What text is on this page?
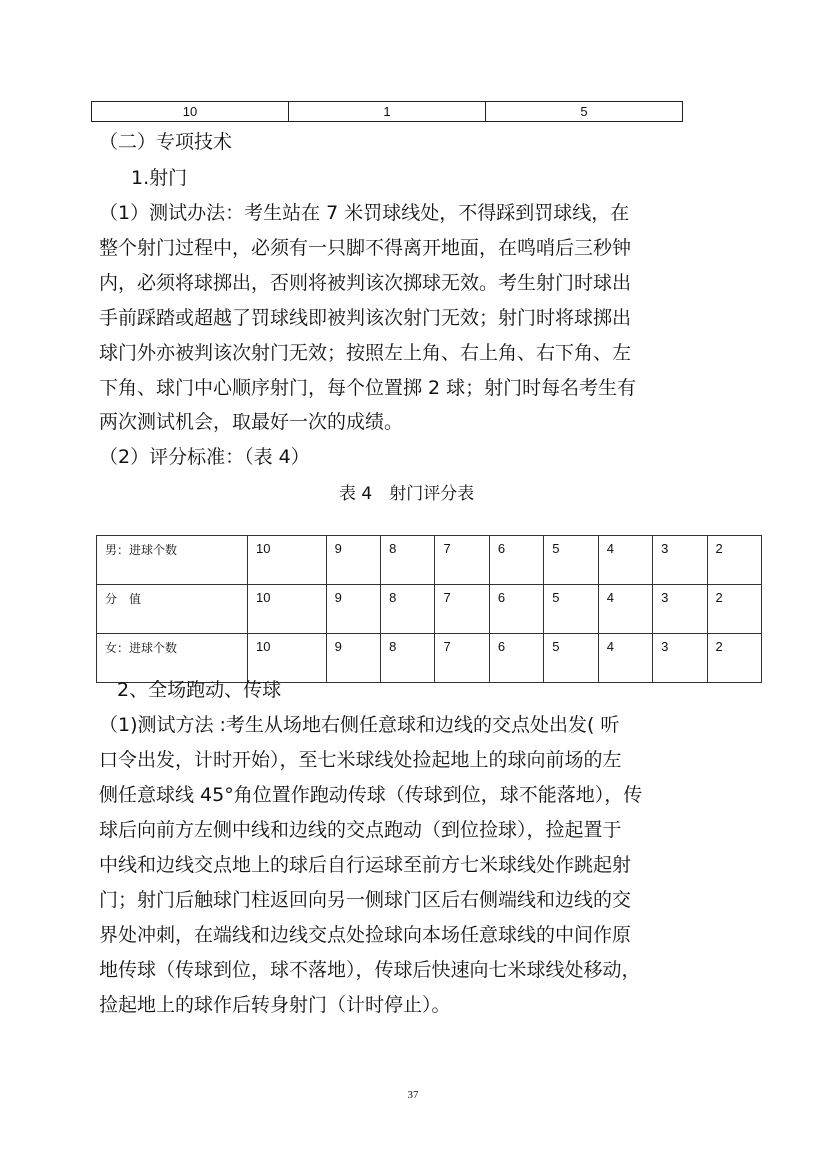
10	1	5
（二）专项技术
1.射门
（1）测试办法：考生站在 7 米罚球线处，不得踩到罚球线，在
整个射门过程中，必须有一只脚不得离开地面，在鸣哨后三秒钟
内，必须将球掷出，否则将被判该次掷球无效。考生射门时球出
手前踩踏或超越了罚球线即被判该次射门无效；射门时将球掷出
球门外亦被判该次射门无效；按照左上角、右上角、右下角、左
下角、球门中心顺序射门，每个位置掷 2 球；射门时每名考生有
两次测试机会，取最好一次的成绩。
（2）评分标准：（表 4）
表 4　射门评分表
男：进球个数	10	9	8	7	6	5	4	3	2
分　值	10	9	8	7	6	5	4	3	2
女：进球个数	10	9	8	7	6	5	4	3	2
2、全场跑动、传球
（1)测试方法 :考生从场地右侧任意球和边线的交点处出发( 听
口令出发，计时开始），至七米球线处捡起地上的球向前场的左
侧任意球线 45°角位置作跑动传球（传球到位，球不能落地），传
球后向前方左侧中线和边线的交点跑动（到位捡球），捡起置于
中线和边线交点地上的球后自行运球至前方七米球线处作跳起射
门；射门后触球门柱返回向另一侧球门区后右侧端线和边线的交
界处冲刺，在端线和边线交点处捡球向本场任意球线的中间作原
地传球（传球到位，球不落地），传球后快速向七米球线处移动，
捡起地上的球作后转身射门（计时停止）。
37
